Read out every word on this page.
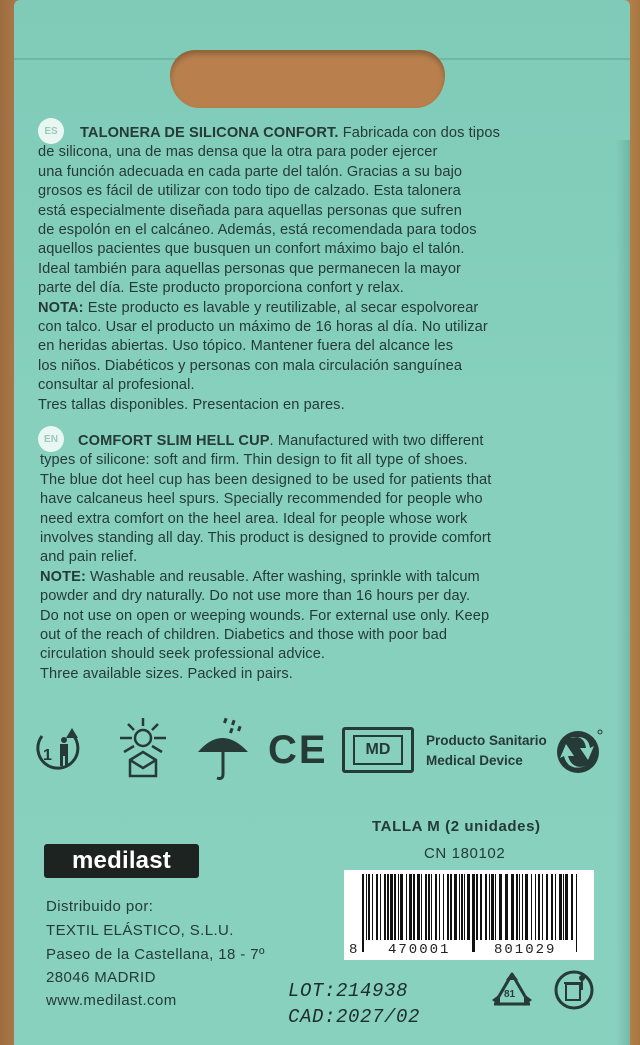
ES	TALONERA DE SILICONA CONFORT. Fabricada con dos tipos
de silicona, una de mas densa que la otra para poder ejercer
una función adecuada en cada parte del talón. Gracias a su bajo
grosos es fácil de utilizar con todo tipo de calzado. Esta talonera
está especialmente diseñada para aquellas personas que sufren
de espolón en el calcáneo. Además, está recomendada para todos
aquellos pacientes que busquen un confort máximo bajo el talón.
Ideal también para aquellas personas que permanecen la mayor
parte del día. Este producto proporciona confort y relax.
NOTA: Este producto es lavable y reutilizable, al secar espolvorear
con talco. Usar el producto un máximo de 16 horas al día. No utilizar
en heridas abiertas. Uso tópico. Mantener fuera del alcance les
los niños. Diabéticos y personas con mala circulación sanguínea
consultar al profesional.
Tres tallas disponibles. Presentacion en pares.
EN	COMFORT SLIM HELL CUP. Manufactured with two different
types of silicone: soft and firm. Thin design to fit all type of shoes.
The blue dot heel cup has been designed to be used for patients that
have calcaneus heel spurs. Specially recommended for people who
need extra comfort on the heel area. Ideal for people whose work
involves standing all day. This product is designed to provide comfort
and pain relief.
NOTE: Washable and reusable. After washing, sprinkle with talcum
powder and dry naturally. Do not use more than 16 hours per day.
Do not use on open or weeping wounds. For external use only. Keep
out of the reach of children. Diabetics and those with poor bad
circulation should seek professional advice.
Three available sizes. Packed in pairs.
1	CE	MD
Producto Sanitario
Medical Device
medilast
TALLA M (2 unidades)
CN 180102
8 470001	801029
Distribuido por:
TEXTIL ELÁSTICO, S.L.U.
Paseo de la Castellana, 18 - 7º
28046 MADRID
www.medilast.com	LOT:214938
CAD:2027/02
81
